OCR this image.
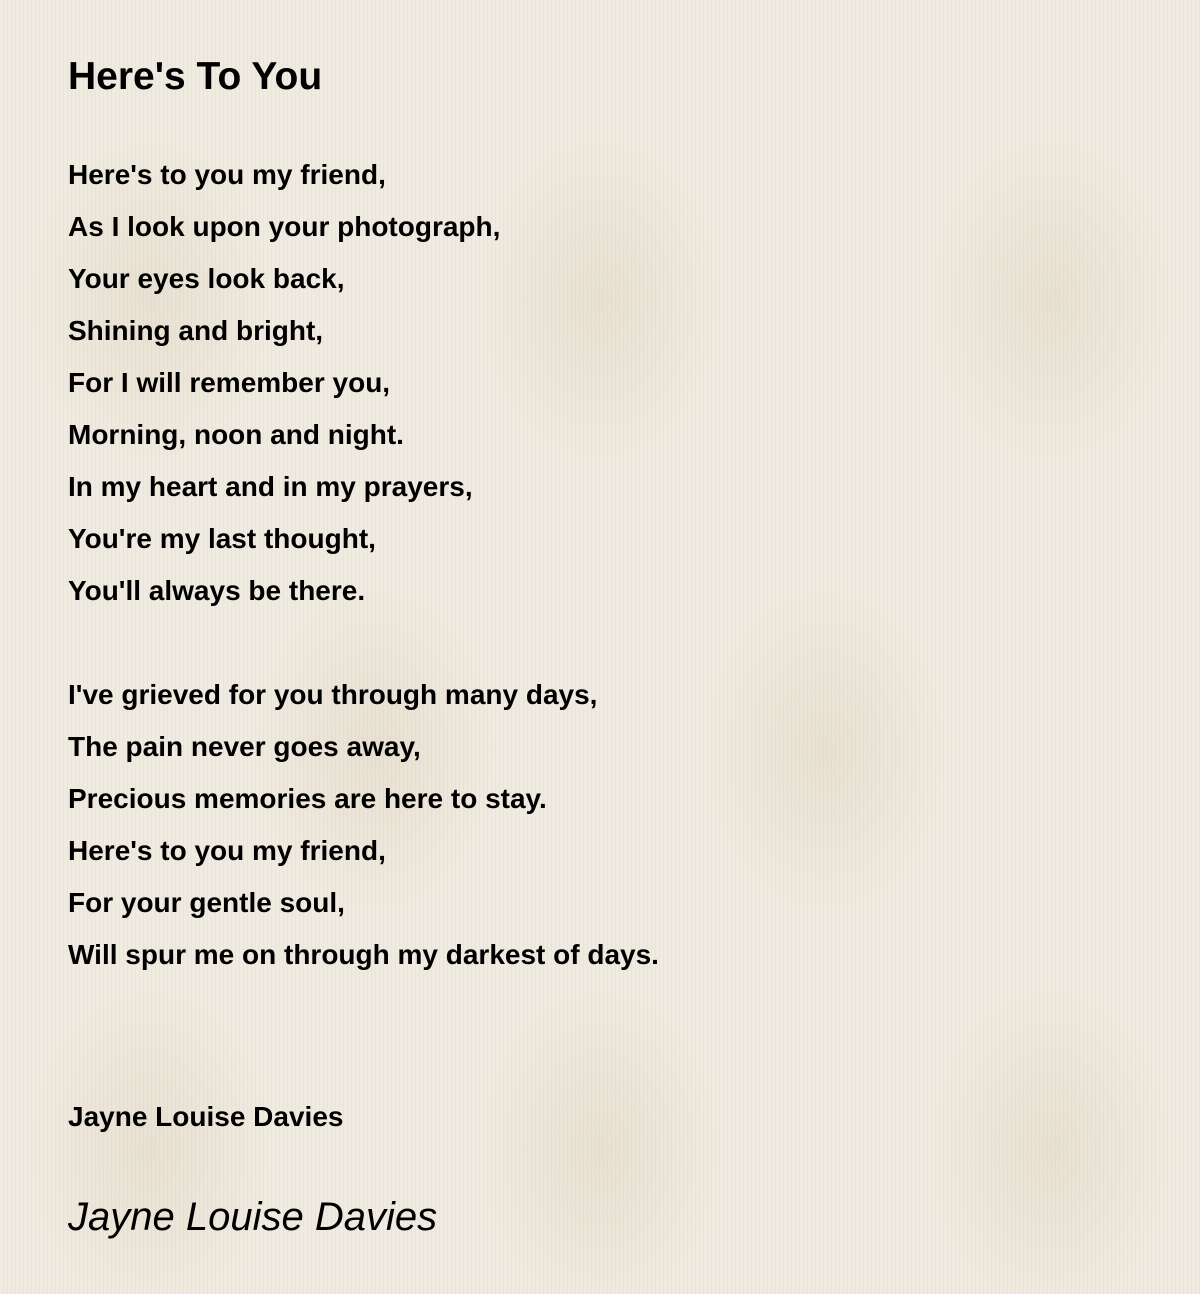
Here's To You
Here's to you my friend,
As I look upon your photograph,
Your eyes look back,
Shining and bright,
For I will remember you,
Morning, noon and night.
In my heart and in my prayers,
You're my last thought,
You'll always be there.
I've grieved for you through many days,
The pain never goes away,
Precious memories are here to stay.
Here's to you my friend,
For your gentle soul,
Will spur me on through my darkest of days.
Jayne Louise Davies
Jayne Louise Davies
